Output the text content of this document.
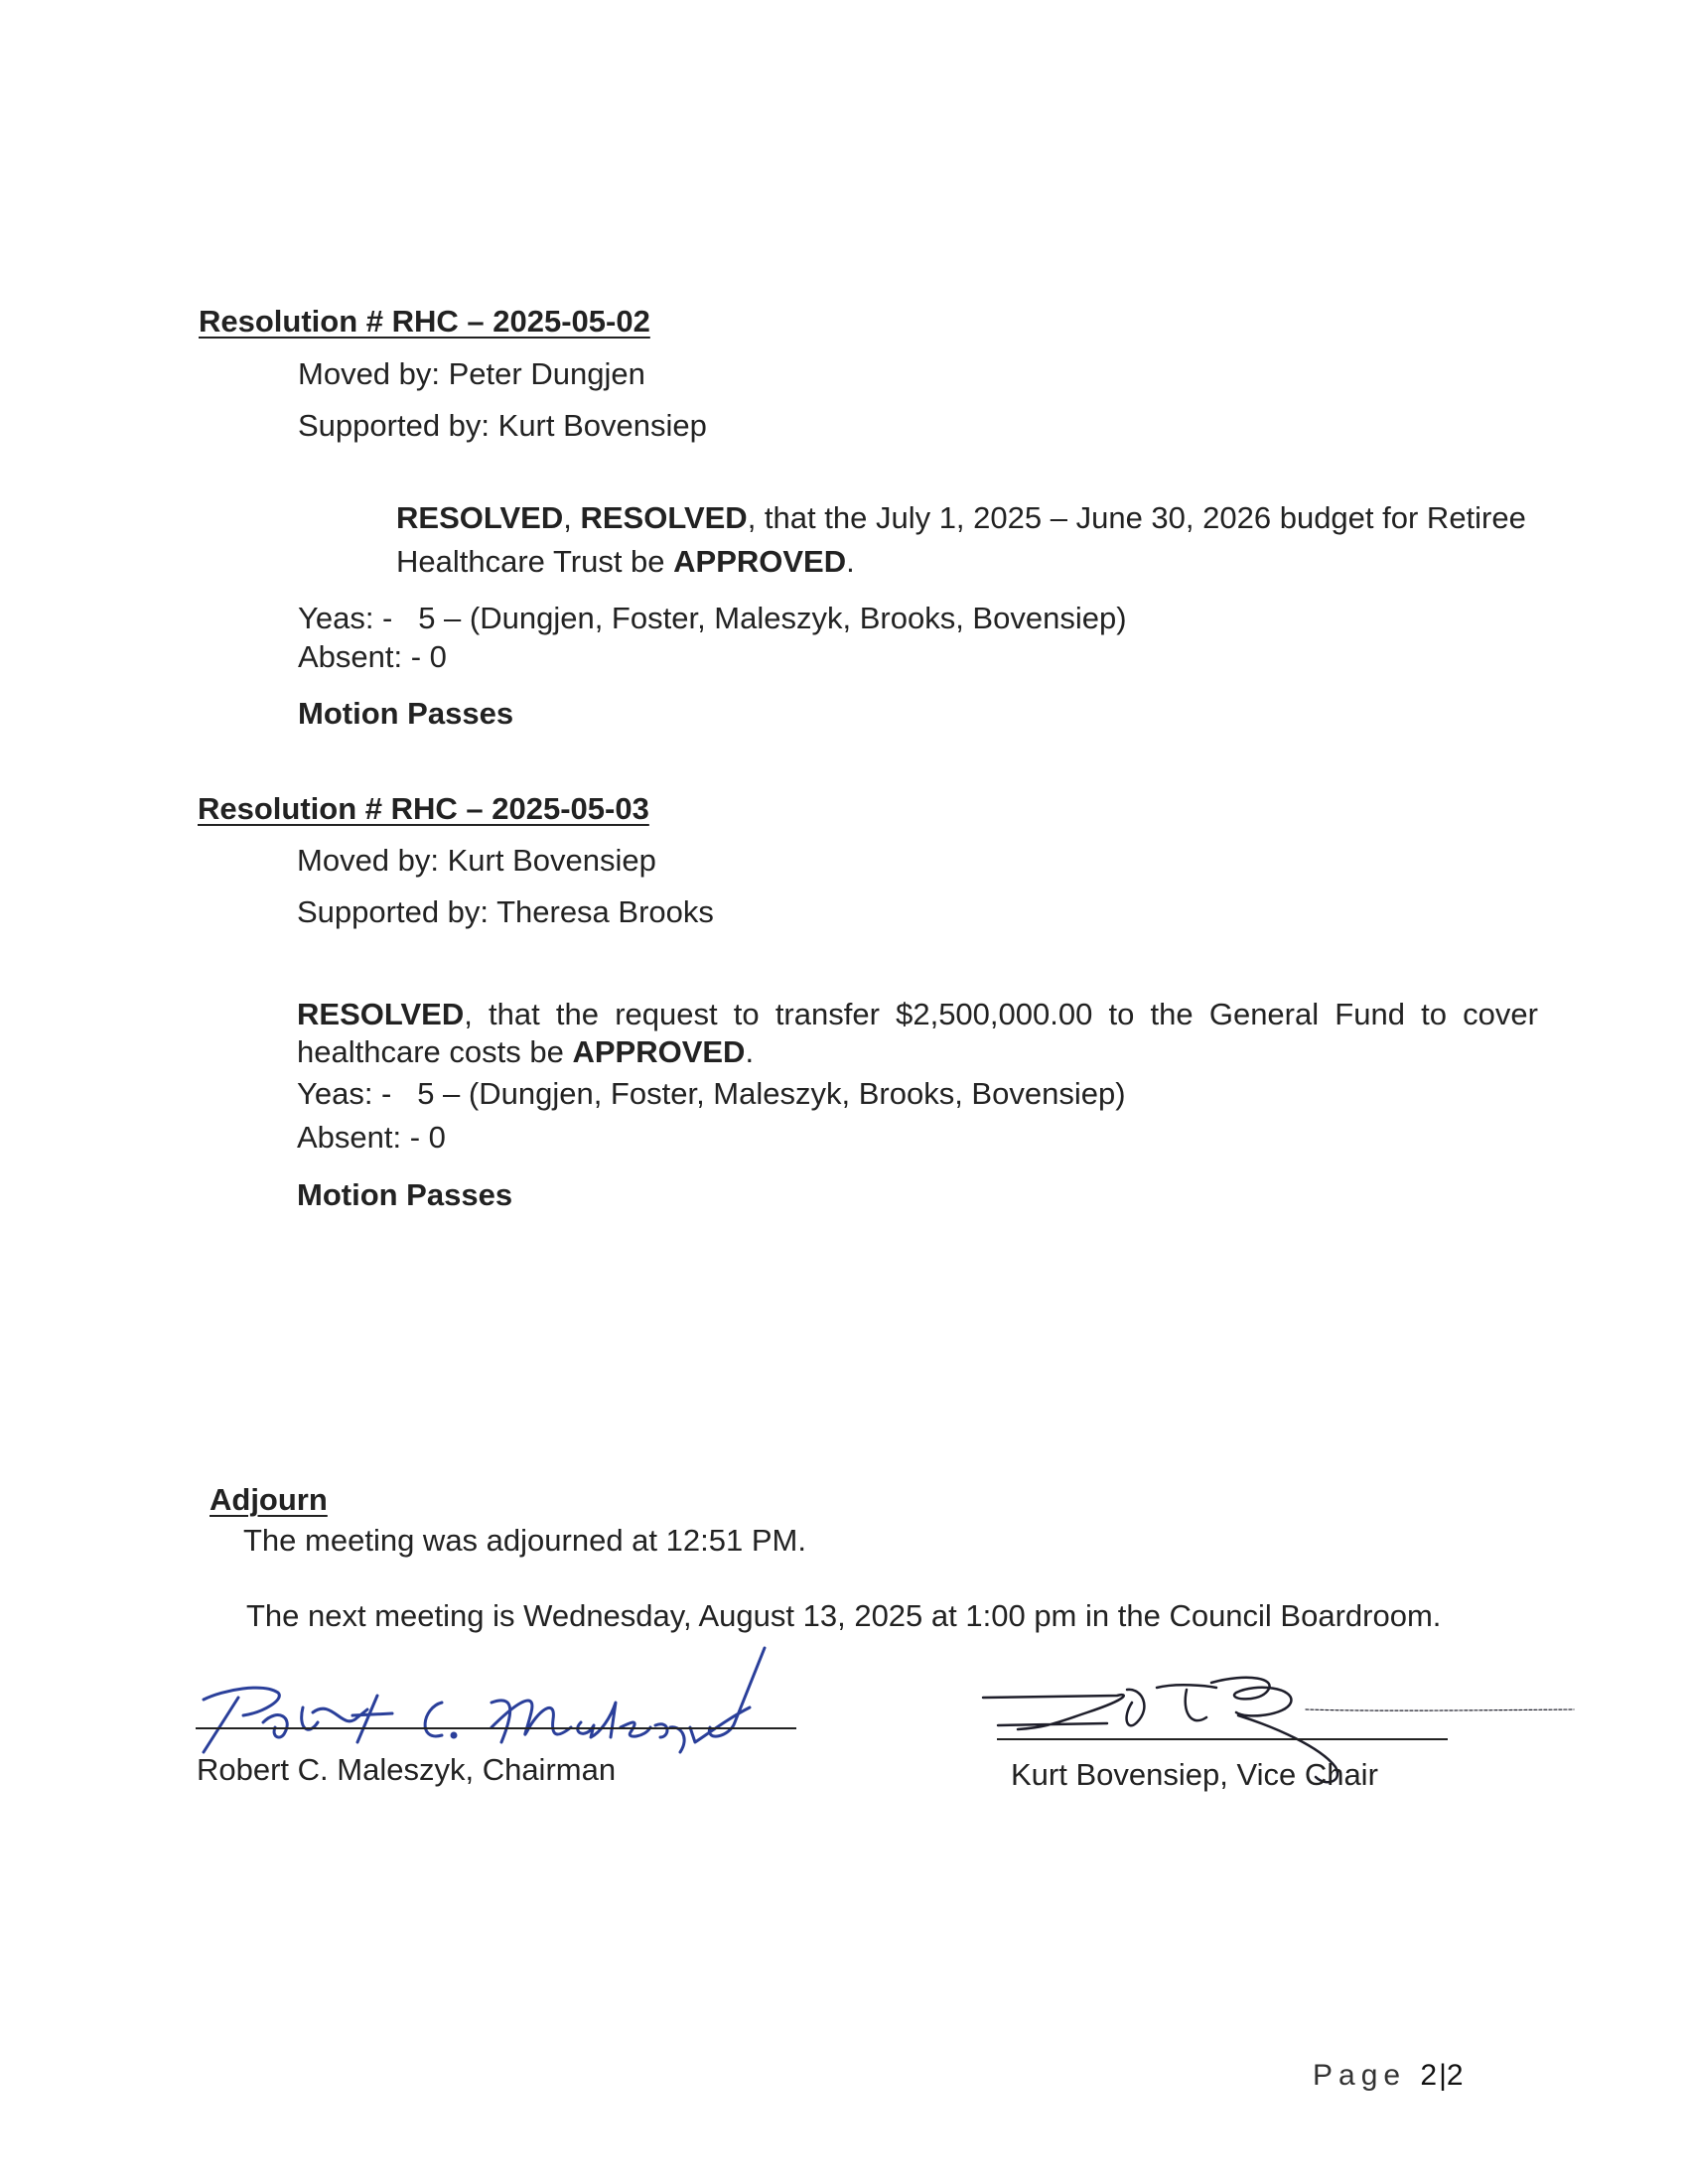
Resolution # RHC – 2025-05-02
Moved by: Peter Dungjen
Supported by: Kurt Bovensiep
RESOLVED, RESOLVED, that the July 1, 2025 – June 30, 2026 budget for Retiree Healthcare Trust be APPROVED.
Yeas: -   5 – (Dungjen, Foster, Maleszyk, Brooks, Bovensiep)
Absent: - 0
Motion Passes
Resolution # RHC – 2025-05-03
Moved by: Kurt Bovensiep
Supported by: Theresa Brooks
RESOLVED, that the request to transfer $2,500,000.00 to the General Fund to cover healthcare costs be APPROVED.
Yeas: -   5 – (Dungjen, Foster, Maleszyk, Brooks, Bovensiep)
Absent: - 0
Motion Passes
Adjourn
The meeting was adjourned at 12:51 PM.
The next meeting is Wednesday, August 13, 2025 at 1:00 pm in the Council Boardroom.
Robert C. Maleszyk, Chairman	Kurt Bovensiep, Vice Chair
Page 2|2
